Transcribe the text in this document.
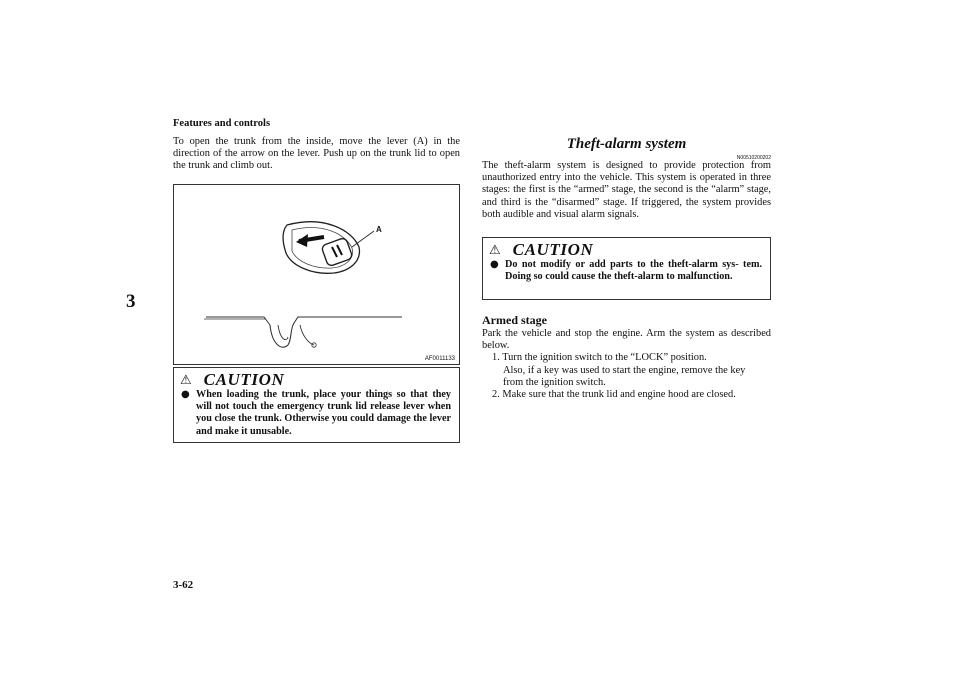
Features and controls
3
3-62

To open the trunk from the inside, move the lever (A) in the direction of the arrow on the lever. Push up on the trunk lid to open the trunk and climb out.

A
AF0011133
⚠ CAUTION
● When loading the trunk, place your things so that they will not touch the emergency trunk lid release lever when you close the trunk. Otherwise you could damage the lever and make it unusable.

Theft-alarm system

N00510200202

The theft-alarm system is designed to provide protection from unauthorized entry into the vehicle. This system is operated in three stages: the first is the “armed” stage, the second is the “alarm” stage, and third is the “disarmed” stage. If triggered, the system provides both audible and visual alarm signals.

⚠ CAUTION
● Do not modify or add parts to the theft-alarm sys- tem. Doing so could cause the theft-alarm to malfunction.

Armed stage

Park the vehicle and stop the engine. Arm the system as described below.

1. Turn the ignition switch to the “LOCK” position.

Also, if a key was used to start the engine, remove the key

from the ignition switch.

2. Make sure that the trunk lid and engine hood are closed.
